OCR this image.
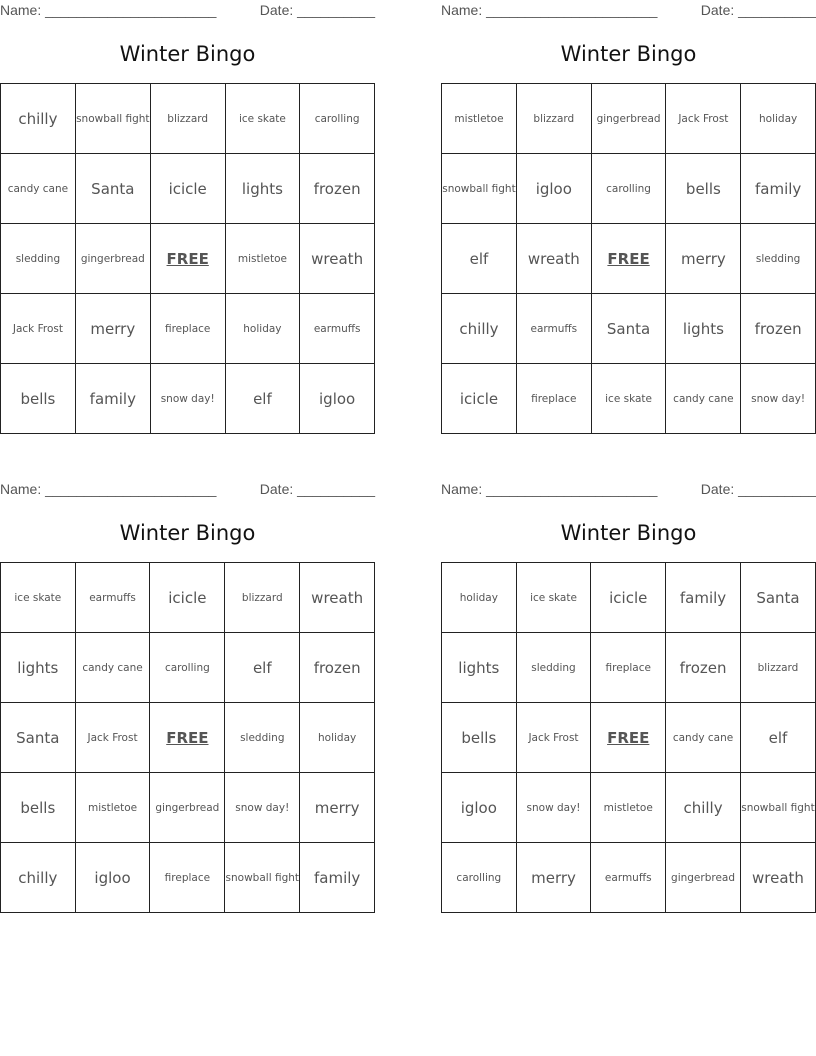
Name: ______________________	Date: __________
Winter Bingo
chilly	snowball fight	blizzard	ice skate	carolling
candy cane	Santa	icicle	lights	frozen
sledding	gingerbread	FREE	mistletoe	wreath
Jack Frost	merry	fireplace	holiday	earmuffs
bells	family	snow day!	elf	igloo
Name: ______________________	Date: __________
Winter Bingo
mistletoe	blizzard	gingerbread	Jack Frost	holiday
snowball fight	igloo	carolling	bells	family
elf	wreath	FREE	merry	sledding
chilly	earmuffs	Santa	lights	frozen
icicle	fireplace	ice skate	candy cane	snow day!
Name: ______________________	Date: __________
Winter Bingo
ice skate	earmuffs	icicle	blizzard	wreath
lights	candy cane	carolling	elf	frozen
Santa	Jack Frost	FREE	sledding	holiday
bells	mistletoe	gingerbread	snow day!	merry
chilly	igloo	fireplace	snowball fight	family
Name: ______________________	Date: __________
Winter Bingo
holiday	ice skate	icicle	family	Santa
lights	sledding	fireplace	frozen	blizzard
bells	Jack Frost	FREE	candy cane	elf
igloo	snow day!	mistletoe	chilly	snowball fight
carolling	merry	earmuffs	gingerbread	wreath
